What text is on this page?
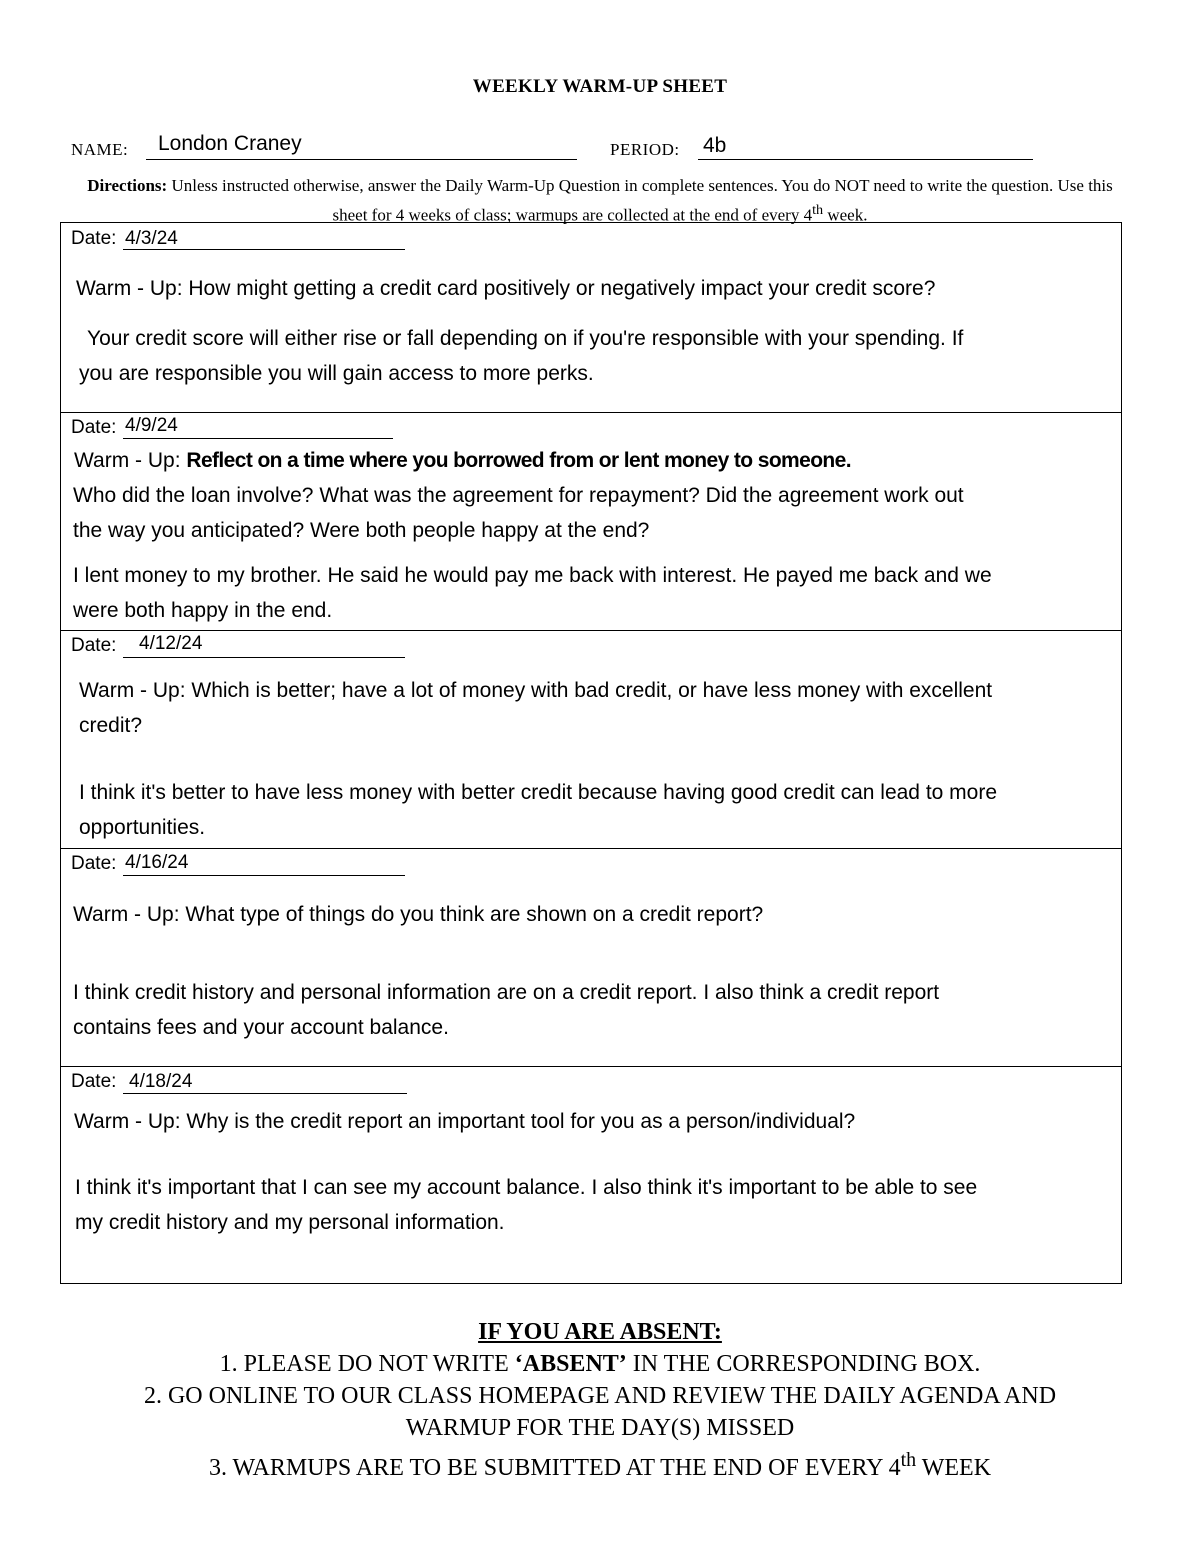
WEEKLY WARM-UP SHEET
NAME: London Craney	PERIOD: 4b
Directions: Unless instructed otherwise, answer the Daily Warm-Up Question in complete sentences. You do NOT need to write the question. Use this sheet for 4 weeks of class; warmups are collected at the end of every 4th week.
Date: 4/3/24
Warm - Up: How might getting a credit card positively or negatively impact your credit score?
Your credit score will either rise or fall depending on if you're responsible with your spending. If
you are responsible you will gain access to more perks.
Date: 4/9/24
Warm - Up: Reflect on a time where you borrowed from or lent money to someone.
Who did the loan involve? What was the agreement for repayment? Did the agreement work out
the way you anticipated? Were both people happy at the end?
I lent money to my brother. He said he would pay me back with interest. He payed me back and we
were both happy in the end.
Date: 4/12/24
Warm - Up: Which is better; have a lot of money with bad credit, or have less money with excellent
credit?
I think it's better to have less money with better credit because having good credit can lead to more
opportunities.
Date: 4/16/24
Warm - Up: What type of things do you think are shown on a credit report?
I think credit history and personal information are on a credit report. I also think a credit report
contains fees and your account balance.
Date: 4/18/24
Warm - Up: Why is the credit report an important tool for you as a person/individual?
I think it's important that I can see my account balance. I also think it's important to be able to see
my credit history and my personal information.
IF YOU ARE ABSENT:
1. PLEASE DO NOT WRITE ‘ABSENT’ IN THE CORRESPONDING BOX.
2. GO ONLINE TO OUR CLASS HOMEPAGE AND REVIEW THE DAILY AGENDA AND
WARMUP FOR THE DAY(S) MISSED
3. WARMUPS ARE TO BE SUBMITTED AT THE END OF EVERY 4th WEEK
